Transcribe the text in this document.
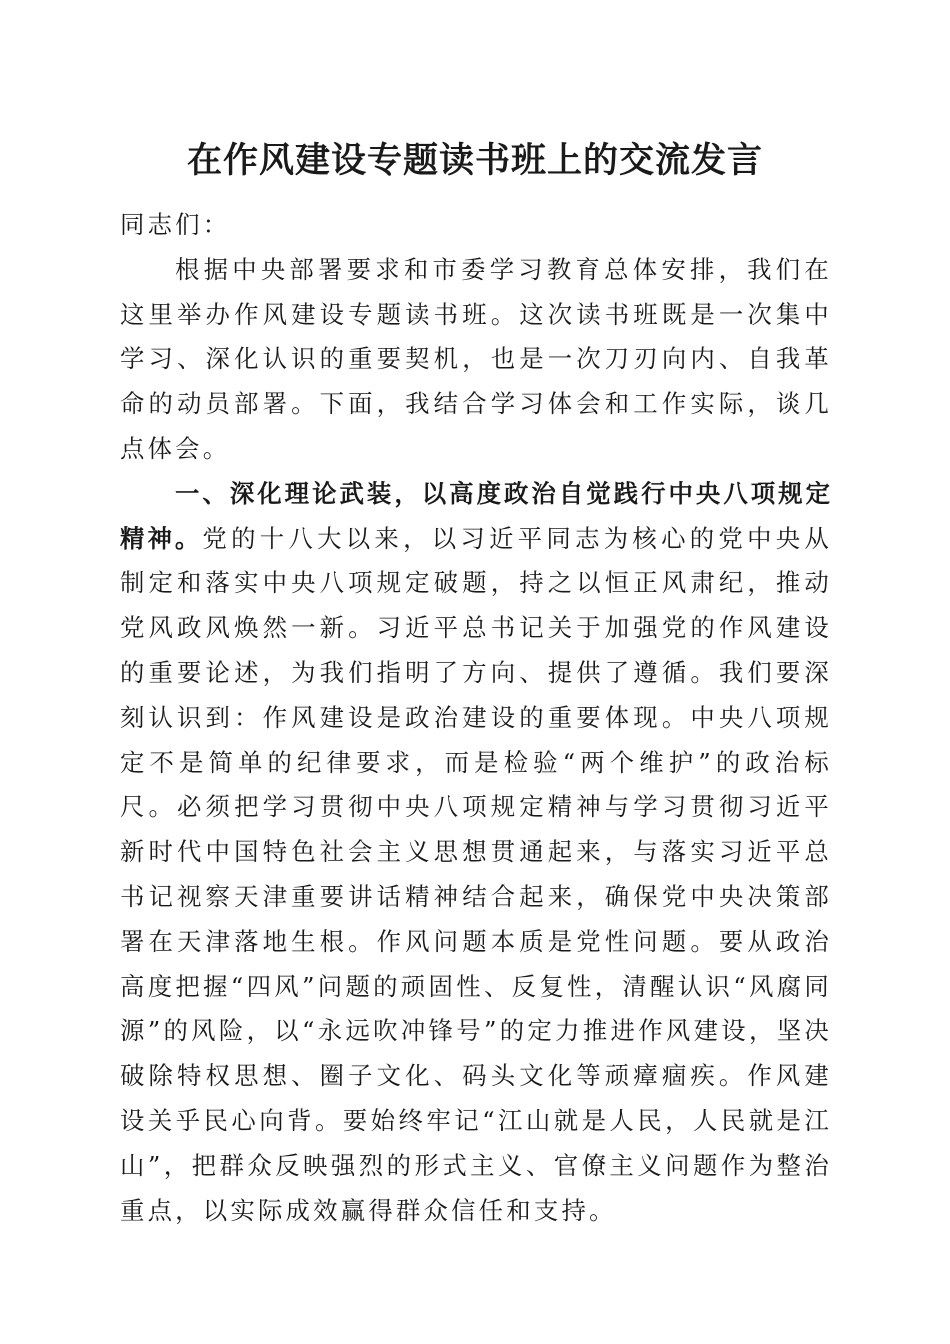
在作风建设专题读书班上的交流发言

同志们：

根据中央部署要求和市委学习教育总体安排，我们在这里举办作风建设专题读书班。这次读书班既是一次集中学习、深化认识的重要契机，也是一次刀刃向内、自我革命的动员部署。下面，我结合学习体会和工作实际，谈几点体会。

一、深化理论武装，以高度政治自觉践行中央八项规定精神。党的十八大以来，以习近平同志为核心的党中央从制定和落实中央八项规定破题，持之以恒正风肃纪，推动党风政风焕然一新。习近平总书记关于加强党的作风建设的重要论述，为我们指明了方向、提供了遵循。我们要深刻认识到：作风建设是政治建设的重要体现。中央八项规定不是简单的纪律要求，而是检验“两个维护”的政治标尺。必须把学习贯彻中央八项规定精神与学习贯彻习近平新时代中国特色社会主义思想贯通起来，与落实习近平总书记视察天津重要讲话精神结合起来，确保党中央决策部署在天津落地生根。作风问题本质是党性问题。要从政治高度把握“四风”问题的顽固性、反复性，清醒认识“风腐同源”的风险，以“永远吹冲锋号”的定力推进作风建设，坚决破除特权思想、圈子文化、码头文化等顽瘴痼疾。作风建设关乎民心向背。要始终牢记“江山就是人民，人民就是江山”，把群众反映强烈的形式主义、官僚主义问题作为整治重点，以实际成效赢得群众信任和支持。
